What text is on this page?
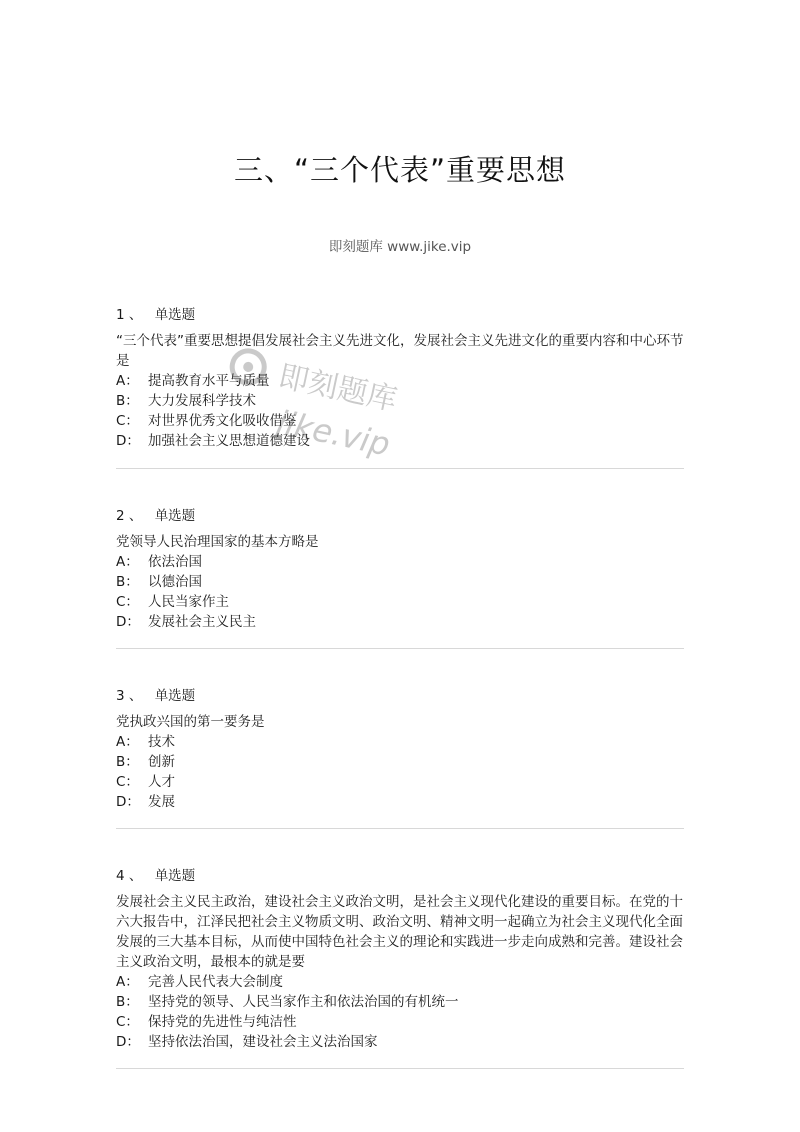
三、“三个代表”重要思想
即刻题库 www.jike.vip
即刻题库
jike.vip
1 、 单选题

“三个代表”重要思想提倡发展社会主义先进文化，发展社会主义先进文化的重要内容和中心环节是

A： 提高教育水平与质量
B： 大力发展科学技术
C： 对世界优秀文化吸收借鉴
D： 加强社会主义思想道德建设
2 、 单选题

党领导人民治理国家的基本方略是

A： 依法治国
B： 以德治国
C： 人民当家作主
D： 发展社会主义民主
3 、 单选题

党执政兴国的第一要务是

A： 技术
B： 创新
C： 人才
D： 发展
4 、 单选题

发展社会主义民主政治，建设社会主义政治文明，是社会主义现代化建设的重要目标。在党的十六大报告中，江泽民把社会主义物质文明、政治文明、精神文明一起确立为社会主义现代化全面发展的三大基本目标，从而使中国特色社会主义的理论和实践进一步走向成熟和完善。建设社会主义政治文明，最根本的就是要

A： 完善人民代表大会制度
B： 坚持党的领导、人民当家作主和依法治国的有机统一
C： 保持党的先进性与纯洁性
D： 坚持依法治国，建设社会主义法治国家
